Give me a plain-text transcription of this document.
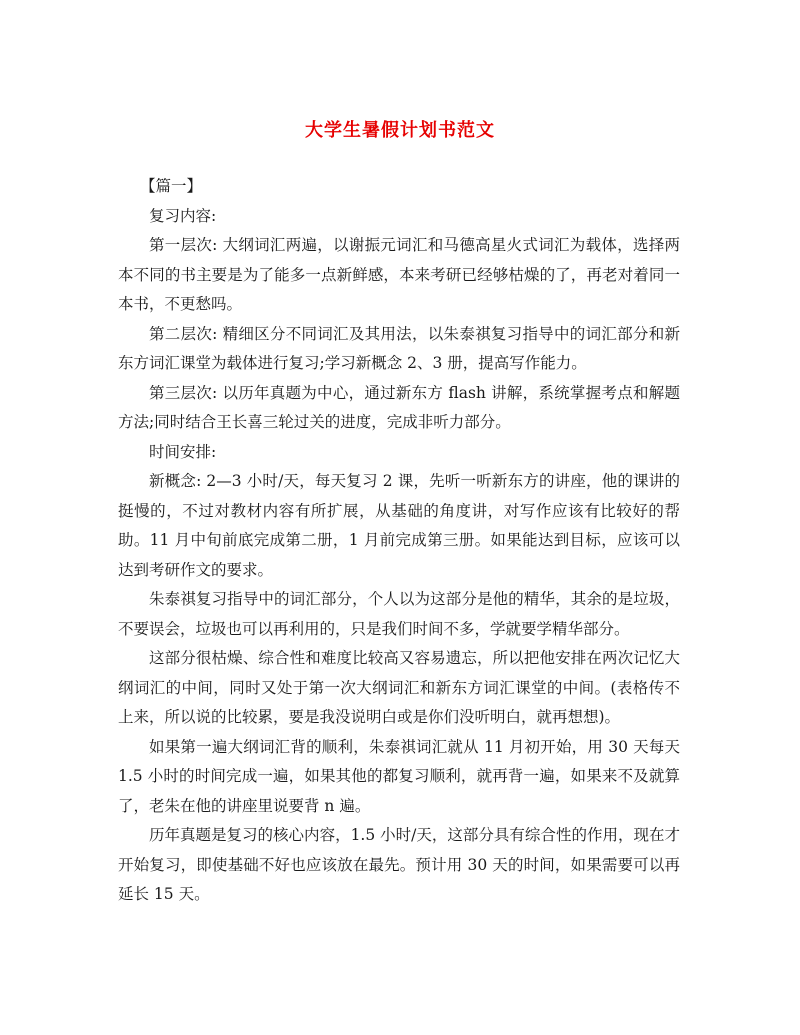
大学生暑假计划书范文

【篇一】

复习内容:

第一层次: 大纲词汇两遍，以谢振元词汇和马德高星火式词汇为载体，选择两本不同的书主要是为了能多一点新鲜感，本来考研已经够枯燥的了，再老对着同一本书，不更愁吗。

第二层次: 精细区分不同词汇及其用法，以朱泰祺复习指导中的词汇部分和新东方词汇课堂为载体进行复习;学习新概念 2、3 册，提高写作能力。

第三层次: 以历年真题为中心，通过新东方 flash 讲解，系统掌握考点和解题方法;同时结合王长喜三轮过关的进度，完成非听力部分。

时间安排:

新概念: 2—3 小时/天，每天复习 2 课，先听一听新东方的讲座，他的课讲的挺慢的，不过对教材内容有所扩展，从基础的角度讲，对写作应该有比较好的帮助。11 月中旬前底完成第二册，1 月前完成第三册。如果能达到目标，应该可以达到考研作文的要求。

朱泰祺复习指导中的词汇部分，个人以为这部分是他的精华，其余的是垃圾，不要误会，垃圾也可以再利用的，只是我们时间不多，学就要学精华部分。

这部分很枯燥、综合性和难度比较高又容易遗忘，所以把他安排在两次记忆大纲词汇的中间，同时又处于第一次大纲词汇和新东方词汇课堂的中间。(表格传不上来，所以说的比较累，要是我没说明白或是你们没听明白，就再想想)。

如果第一遍大纲词汇背的顺利，朱泰祺词汇就从 11 月初开始，用 30 天每天 1.5 小时的时间完成一遍，如果其他的都复习顺利，就再背一遍，如果来不及就算了，老朱在他的讲座里说要背 n 遍。

历年真题是复习的核心内容，1.5 小时/天，这部分具有综合性的作用，现在才开始复习，即使基础不好也应该放在最先。预计用 30 天的时间，如果需要可以再延长 15 天。
